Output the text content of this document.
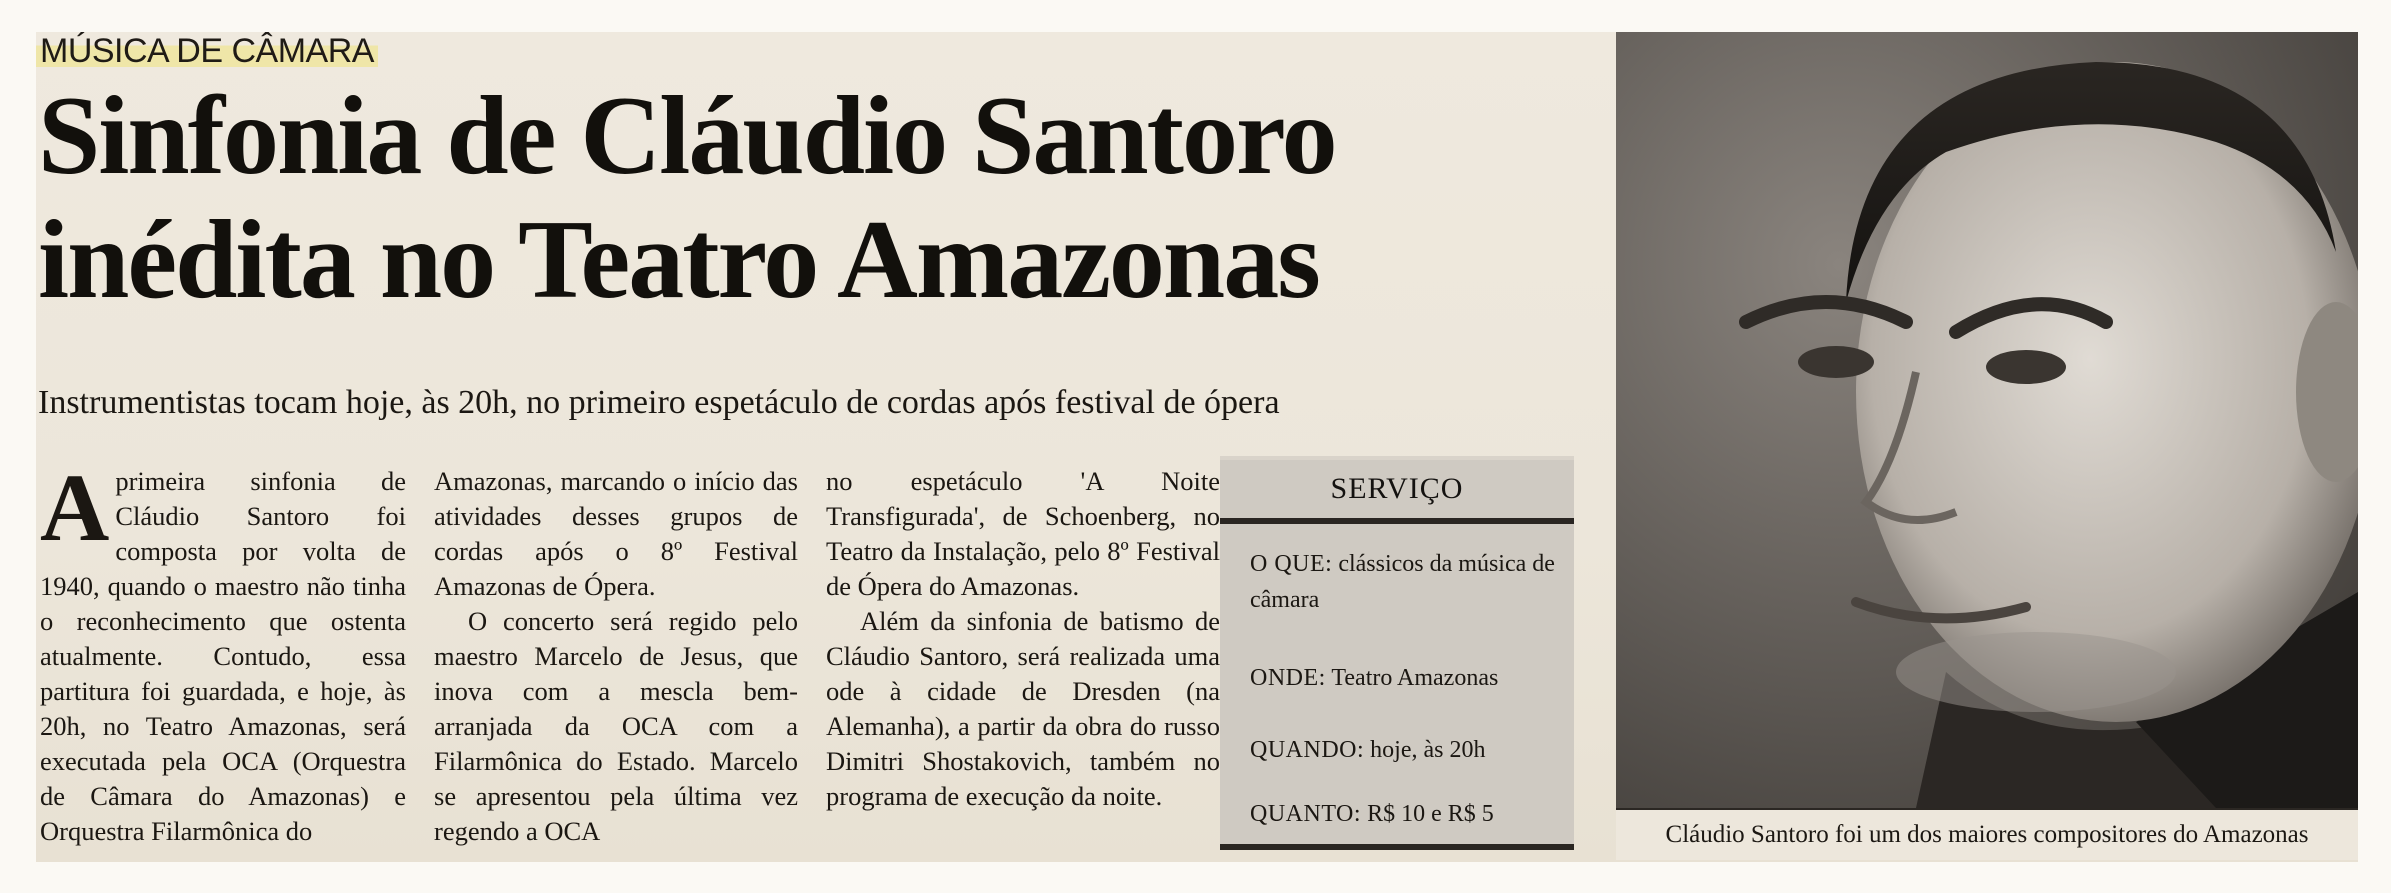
MÚSICA DE CÂMARA
Sinfonia de Cláudio Santoro
inédita no Teatro Amazonas
Instrumentistas tocam hoje, às 20h, no primeiro espetáculo de cordas após festival de ópera

Aprimeira sinfonia de Cláudio Santoro foi composta por volta de 1940, quando o maestro não tinha o reconhecimento que ostenta atualmente. Contudo, essa partitura foi guardada, e hoje, às 20h, no Teatro Amazonas, será executada pela OCA (Orquestra de Câmara do Amazonas) e Orquestra Filarmônica do

Amazonas, marcando o início das atividades desses grupos de cordas após o 8º Festival Amazonas de Ópera.

O concerto será regido pelo maestro Marcelo de Jesus, que inova com a mescla bem-arranjada da OCA com a Filarmônica do Estado. Marcelo se apresentou pela última vez regendo a OCA

no espetáculo 'A Noite Transfigurada', de Schoenberg, no Teatro da Instalação, pelo 8º Festival de Ópera do Amazonas.

Além da sinfonia de batismo de Cláudio Santoro, será realizada uma ode à cidade de Dresden (na Alemanha), a partir da obra do russo Dimitri Shostakovich, também no programa de execução da noite.

SERVIÇO
O QUE: clássicos da música de câmara
ONDE: Teatro Amazonas
QUANDO: hoje, às 20h
QUANTO: R$ 10 e R$ 5
Cláudio Santoro foi um dos maiores compositores do Amazonas
